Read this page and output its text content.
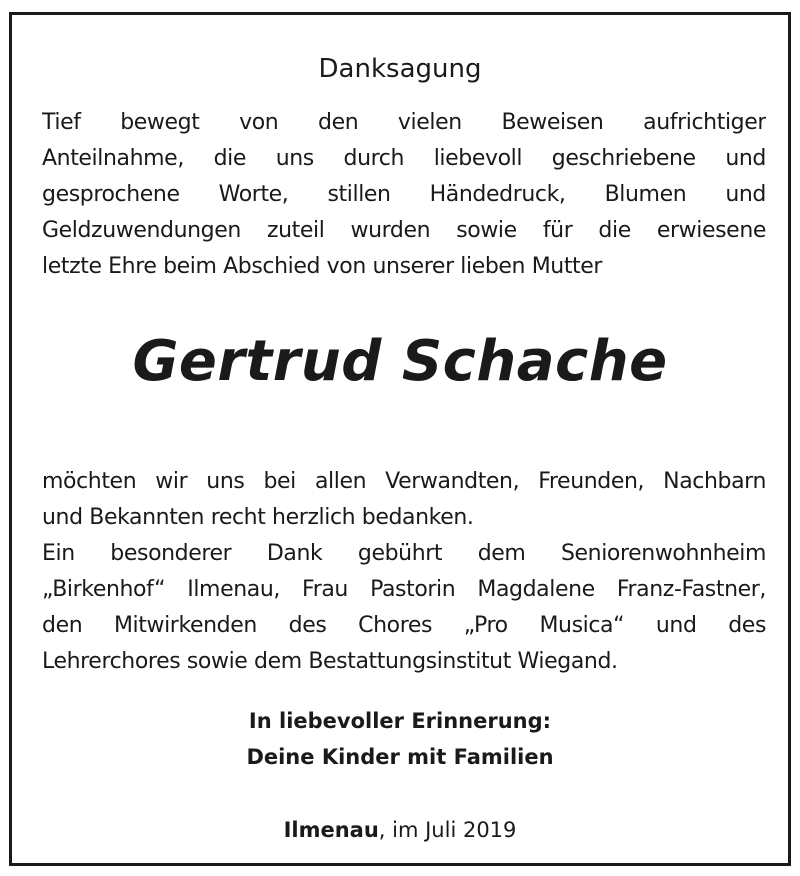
Danksagung
Tief bewegt von den vielen Beweisen aufrichtiger
Anteilnahme, die uns durch liebevoll geschriebene und
gesprochene Worte, stillen Händedruck, Blumen und
Geldzuwendungen zuteil wurden sowie für die erwiesene
letzte Ehre beim Abschied von unserer lieben Mutter
Gertrud Schache
möchten wir uns bei allen Verwandten, Freunden, Nachbarn
und Bekannten recht herzlich bedanken.
Ein besonderer Dank gebührt dem Seniorenwohnheim
„Birkenhof“ Ilmenau, Frau Pastorin Magdalene Franz-Fastner,
den Mitwirkenden des Chores „Pro Musica“ und des
Lehrerchores sowie dem Bestattungsinstitut Wiegand.
In liebevoller Erinnerung:
Deine Kinder mit Familien
Ilmenau, im Juli 2019
